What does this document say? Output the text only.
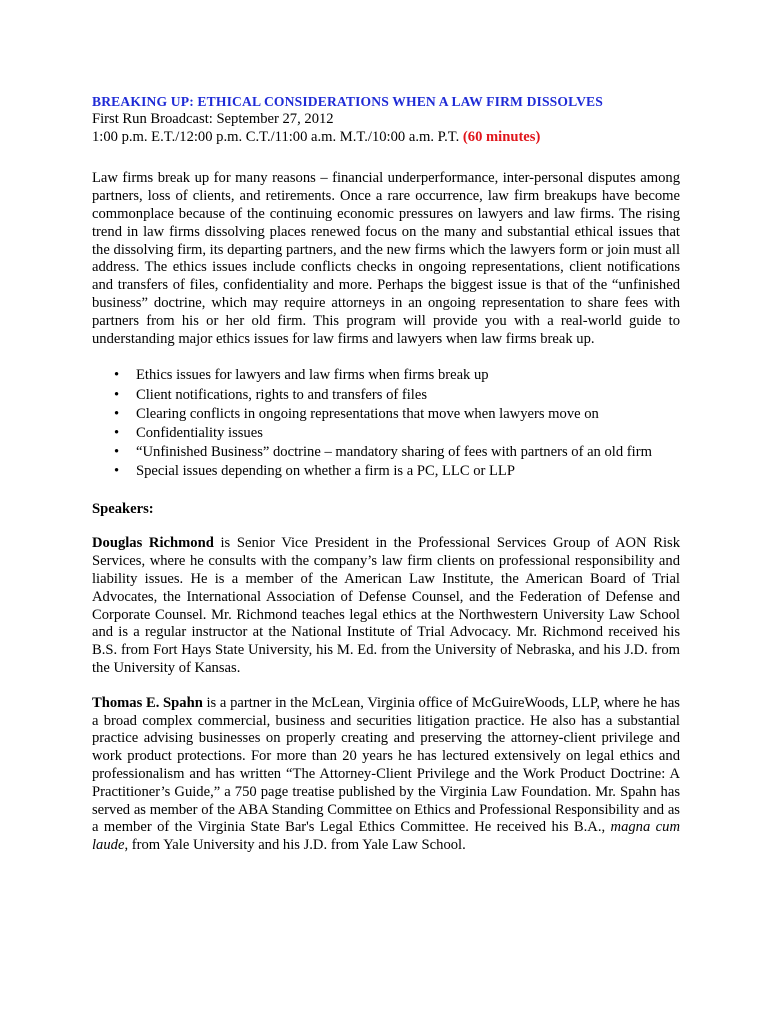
BREAKING UP: ETHICAL CONSIDERATIONS WHEN A LAW FIRM DISSOLVES
First Run Broadcast: September 27, 2012
1:00 p.m. E.T./12:00 p.m. C.T./11:00 a.m. M.T./10:00 a.m. P.T. (60 minutes)

Law firms break up for many reasons – financial underperformance, inter-personal disputes among partners, loss of clients, and retirements. Once a rare occurrence, law firm breakups have become commonplace because of the continuing economic pressures on lawyers and law firms. The rising trend in law firms dissolving places renewed focus on the many and substantial ethical issues that the dissolving firm, its departing partners, and the new firms which the lawyers form or join must all address. The ethics issues include conflicts checks in ongoing representations, client notifications and transfers of files, confidentiality and more. Perhaps the biggest issue is that of the “unfinished business” doctrine, which may require attorneys in an ongoing representation to share fees with partners from his or her old firm. This program will provide you with a real-world guide to understanding major ethics issues for law firms and lawyers when law firms break up.

• Ethics issues for lawyers and law firms when firms break up
• Client notifications, rights to and transfers of files
• Clearing conflicts in ongoing representations that move when lawyers move on
• Confidentiality issues
• “Unfinished Business” doctrine – mandatory sharing of fees with partners of an old firm
• Special issues depending on whether a firm is a PC, LLC or LLP
Speakers:

Douglas Richmond is Senior Vice President in the Professional Services Group of AON Risk Services, where he consults with the company’s law firm clients on professional responsibility and liability issues. He is a member of the American Law Institute, the American Board of Trial Advocates, the International Association of Defense Counsel, and the Federation of Defense and Corporate Counsel. Mr. Richmond teaches legal ethics at the Northwestern University Law School and is a regular instructor at the National Institute of Trial Advocacy. Mr. Richmond received his B.S. from Fort Hays State University, his M. Ed. from the University of Nebraska, and his J.D. from the University of Kansas.

Thomas E. Spahn is a partner in the McLean, Virginia office of McGuireWoods, LLP, where he has a broad complex commercial, business and securities litigation practice. He also has a substantial practice advising businesses on properly creating and preserving the attorney-client privilege and work product protections. For more than 20 years he has lectured extensively on legal ethics and professionalism and has written “The Attorney-Client Privilege and the Work Product Doctrine: A Practitioner’s Guide,” a 750 page treatise published by the Virginia Law Foundation. Mr. Spahn has served as member of the ABA Standing Committee on Ethics and Professional Responsibility and as a member of the Virginia State Bar's Legal Ethics Committee. He received his B.A., magna cum laude, from Yale University and his J.D. from Yale Law School.
